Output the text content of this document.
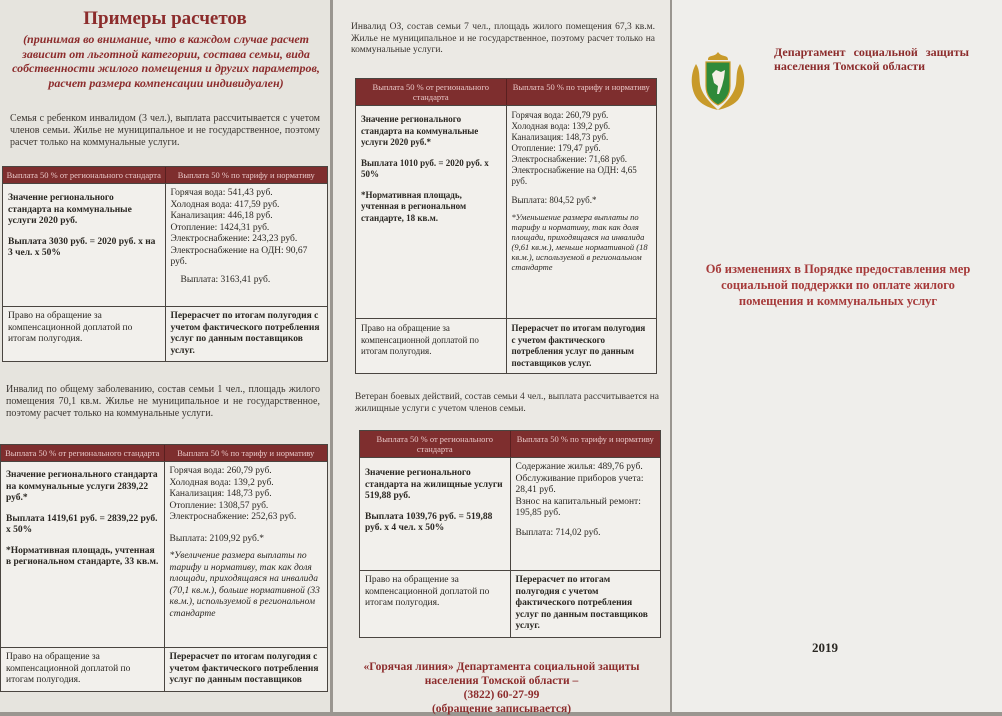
Примеры расчетов
(принимая во внимание, что в каждом случае расчет зависит от льготной категории, состава семьи, вида собственности жилого помещения и других параметров, расчет размера компенсации индивидуален)
Семья с ребенком инвалидом (3 чел.), выплата рассчитывается с учетом членов семьи. Жилье не муниципальное и не государственное, поэтому расчет только на коммунальные услуги.
Выплата 50 % от регионального стандарта	Выплата 50 % по тарифу и нормативу
Значение регионального стандарта на коммунальные услуги 2020 руб.
Выплата 3030 руб. = 2020 руб. х на 3 чел. х 50%
Горячая вода: 541,43 руб.
Холодная вода: 417,59 руб.
Канализация: 446,18 руб.
Отопление: 1424,31 руб.
Электроснабжение: 243,23 руб.
Электроснабжение на ОДН: 90,67 руб.
Выплата: 3163,41 руб.
Право на обращение за компенсационной доплатой по итогам полугодия.
Перерасчет по итогам полугодия с учетом фактического потребления услуг по данным поставщиков услуг.
Инвалид по общему заболеванию, состав семьи 1 чел., площадь жилого помещения 70,1 кв.м. Жилье не муниципальное и не государственное, поэтому расчет только на коммунальные услуги.
Выплата 50 % от регионального стандарта	Выплата 50 % по тарифу и нормативу
Значение регионального стандарта на коммунальные услуги 2839,22 руб.*
Выплата 1419,61 руб. = 2839,22 руб. х 50%
*Нормативная площадь, учтенная в региональном стандарте, 33 кв.м.
Горячая вода: 260,79 руб.
Холодная вода: 139,2 руб.
Канализация: 148,73 руб.
Отопление: 1308,57 руб.
Электроснабжение: 252,63 руб.
Выплата: 2109,92 руб.*
*Увеличение размера выплаты по тарифу и нормативу, так как доля площади, приходящаяся на инвалида (70,1 кв.м.), больше нормативной (33 кв.м.), используемой в региональном стандарте
Право на обращение за компенсационной доплатой по итогам полугодия.
Перерасчет по итогам полугодия с учетом фактического потребления услуг по данным поставщиков
Инвалид ОЗ, состав семьи 7 чел., площадь жилого помещения 67,3 кв.м. Жилье не муниципальное и не государственное, поэтому расчет только на коммунальные услуги.
Выплата 50 % от регионального стандарта
Выплата 50 % по тарифу и нормативу
Значение регионального стандарта на коммунальные услуги 2020 руб.*
Выплата 1010 руб. = 2020 руб. х 50%
*Нормативная площадь, учтенная в региональном стандарте, 18 кв.м.
Горячая вода: 260,79 руб.
Холодная вода: 139,2 руб.
Канализация: 148,73 руб.
Отопление: 179,47 руб.
Электроснабжение: 71,68 руб.
Электроснабжение на ОДН: 4,65 руб.
Выплата: 804,52 руб.*
*Уменьшение размера выплаты по тарифу и нормативу, так как доля площади, приходящаяся на инвалида (9,61 кв.м.), меньше нормативной (18 кв.м.), используемой в региональном стандарте
Право на обращение за компенсационной доплатой по итогам полугодия.
Перерасчет по итогам полугодия с учетом фактического потребления услуг по данным поставщиков услуг.
Ветеран боевых действий, состав семьи 4 чел., выплата рассчитывается на жилищные услуги с учетом членов семьи.
Выплата 50 % от регионального стандарта
Выплата 50 % по тарифу и нормативу
Значение регионального стандарта на жилищные услуги 519,88 руб.
Выплата 1039,76 руб. = 519,88 руб. х 4 чел. х 50%
Содержание жилья: 489,76 руб.
Обслуживание приборов учета: 28,41 руб.
Взнос на капитальный ремонт: 195,85 руб.
Выплата: 714,02 руб.
Право на обращение за компенсационной доплатой по итогам полугодия.
Перерасчет по итогам полугодия с учетом фактического потребления услуг по данным поставщиков услуг.
«Горячая линия» Департамента социальной защиты
населения Томской области –
(3822) 60-27-99
(обращение записывается)
Департамент социальной защиты населения Томской области
Об изменениях в Порядке предоставления мер социальной поддержки по оплате жилого помещения и коммунальных услуг
2019
